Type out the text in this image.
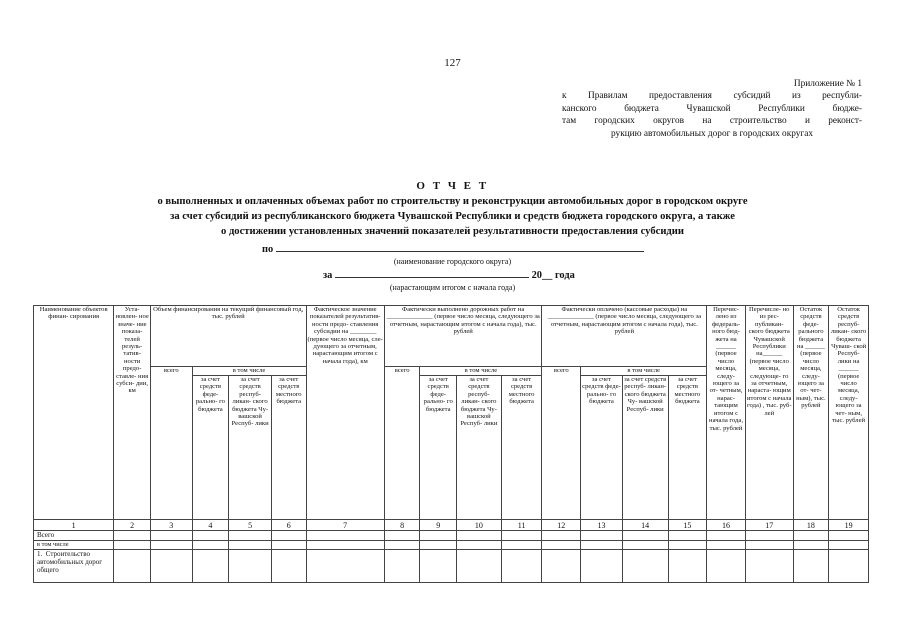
127
Приложение № 1
к Правилам предоставления субсидий из республи-
канского бюджета Чувашской Республики бюдже-
там городских округов на строительство и реконст-
рукцию автомобильных дорог в городских округах
О Т Ч Е Т
о выполненных и оплаченных объемах работ по строительству и реконструкции автомобильных дорог в городском округе
за счет субсидий из республиканского бюджета Чувашской Республики и средств бюджета городского округа, а также
о достижении установленных значений показателей результативности предоставления субсидии
по
(наименование городского округа)
за	20__ года
(нарастающим итогом с начала года)
Наименование объектов финан- сирования	Уста- новлен- ное значе- ние показа- телей резуль- татив- ности предо- ставле- ния субси- дии, км	Объем финансирования на текущий финансовый год, тыс. рублей				Фактическое значение показателей результатив- ности предо- ставления субсидии на ________ (первое число месяца, сле- дующего за отчетным, нарастающим итогом с начала года), км	Фактически выполнено дорожных работ на ______________ (первое число месяца, следующего за отчетным, нарастающим итогом с начала года), тыс. рублей				Фактически оплачено (кассовые расходы) на ______________ (первое число месяца, следующего за отчетным, нарастающим итогом с начала года), тыс. рублей				Перечис- лено из федераль- ного бюд- жета на ______ (первое число месяца, следу- ющего за от- четным, нарас- тающим итогом с начала года, тыс. рублей	Перечисле- но из рес- публикан- ского бюджета Чувашской Республики на______ (первое число месяца, следующе- го за отчетным, нараста- ющим итогом с начала года) , тыс. руб- лей	Остаток средств феде- рального бюджета на ______ (первое число месяца, следу- ющего за от- чет- ным), тыс. рублей	Остаток средств респуб- ликан- ского бюджета Чуваш- ской Респуб- лики на ______ (первое число месяца, следу- ющего за чет- ным, тыс. рублей
		всего	в том числе				всего	в том числе			всего	в том числе						
			за счет средств феде- рально- го бюджета	за счет средств респуб- ликан- ского бюджета Чу- вашской Респуб- лики	за счет средств местного бюджета			за счет средств феде- рально- го бюджета	за счет средств респуб- ликан- ского бюджета Чу- вашской Респуб- лики	за счет средств местного бюджета		за счет средств феде- рально- го бюджета	за счет средств респуб- ликан- ского бюджета Чу- вашской Респуб- лики	за счет средств местного бюджета				
1	2	3	4	5	6	7	8	9	10	11	12	13	14	15	16	17	18	19
Всего																		
в том числе																		
1.  Строительство автомобильных дорог      общего																		
